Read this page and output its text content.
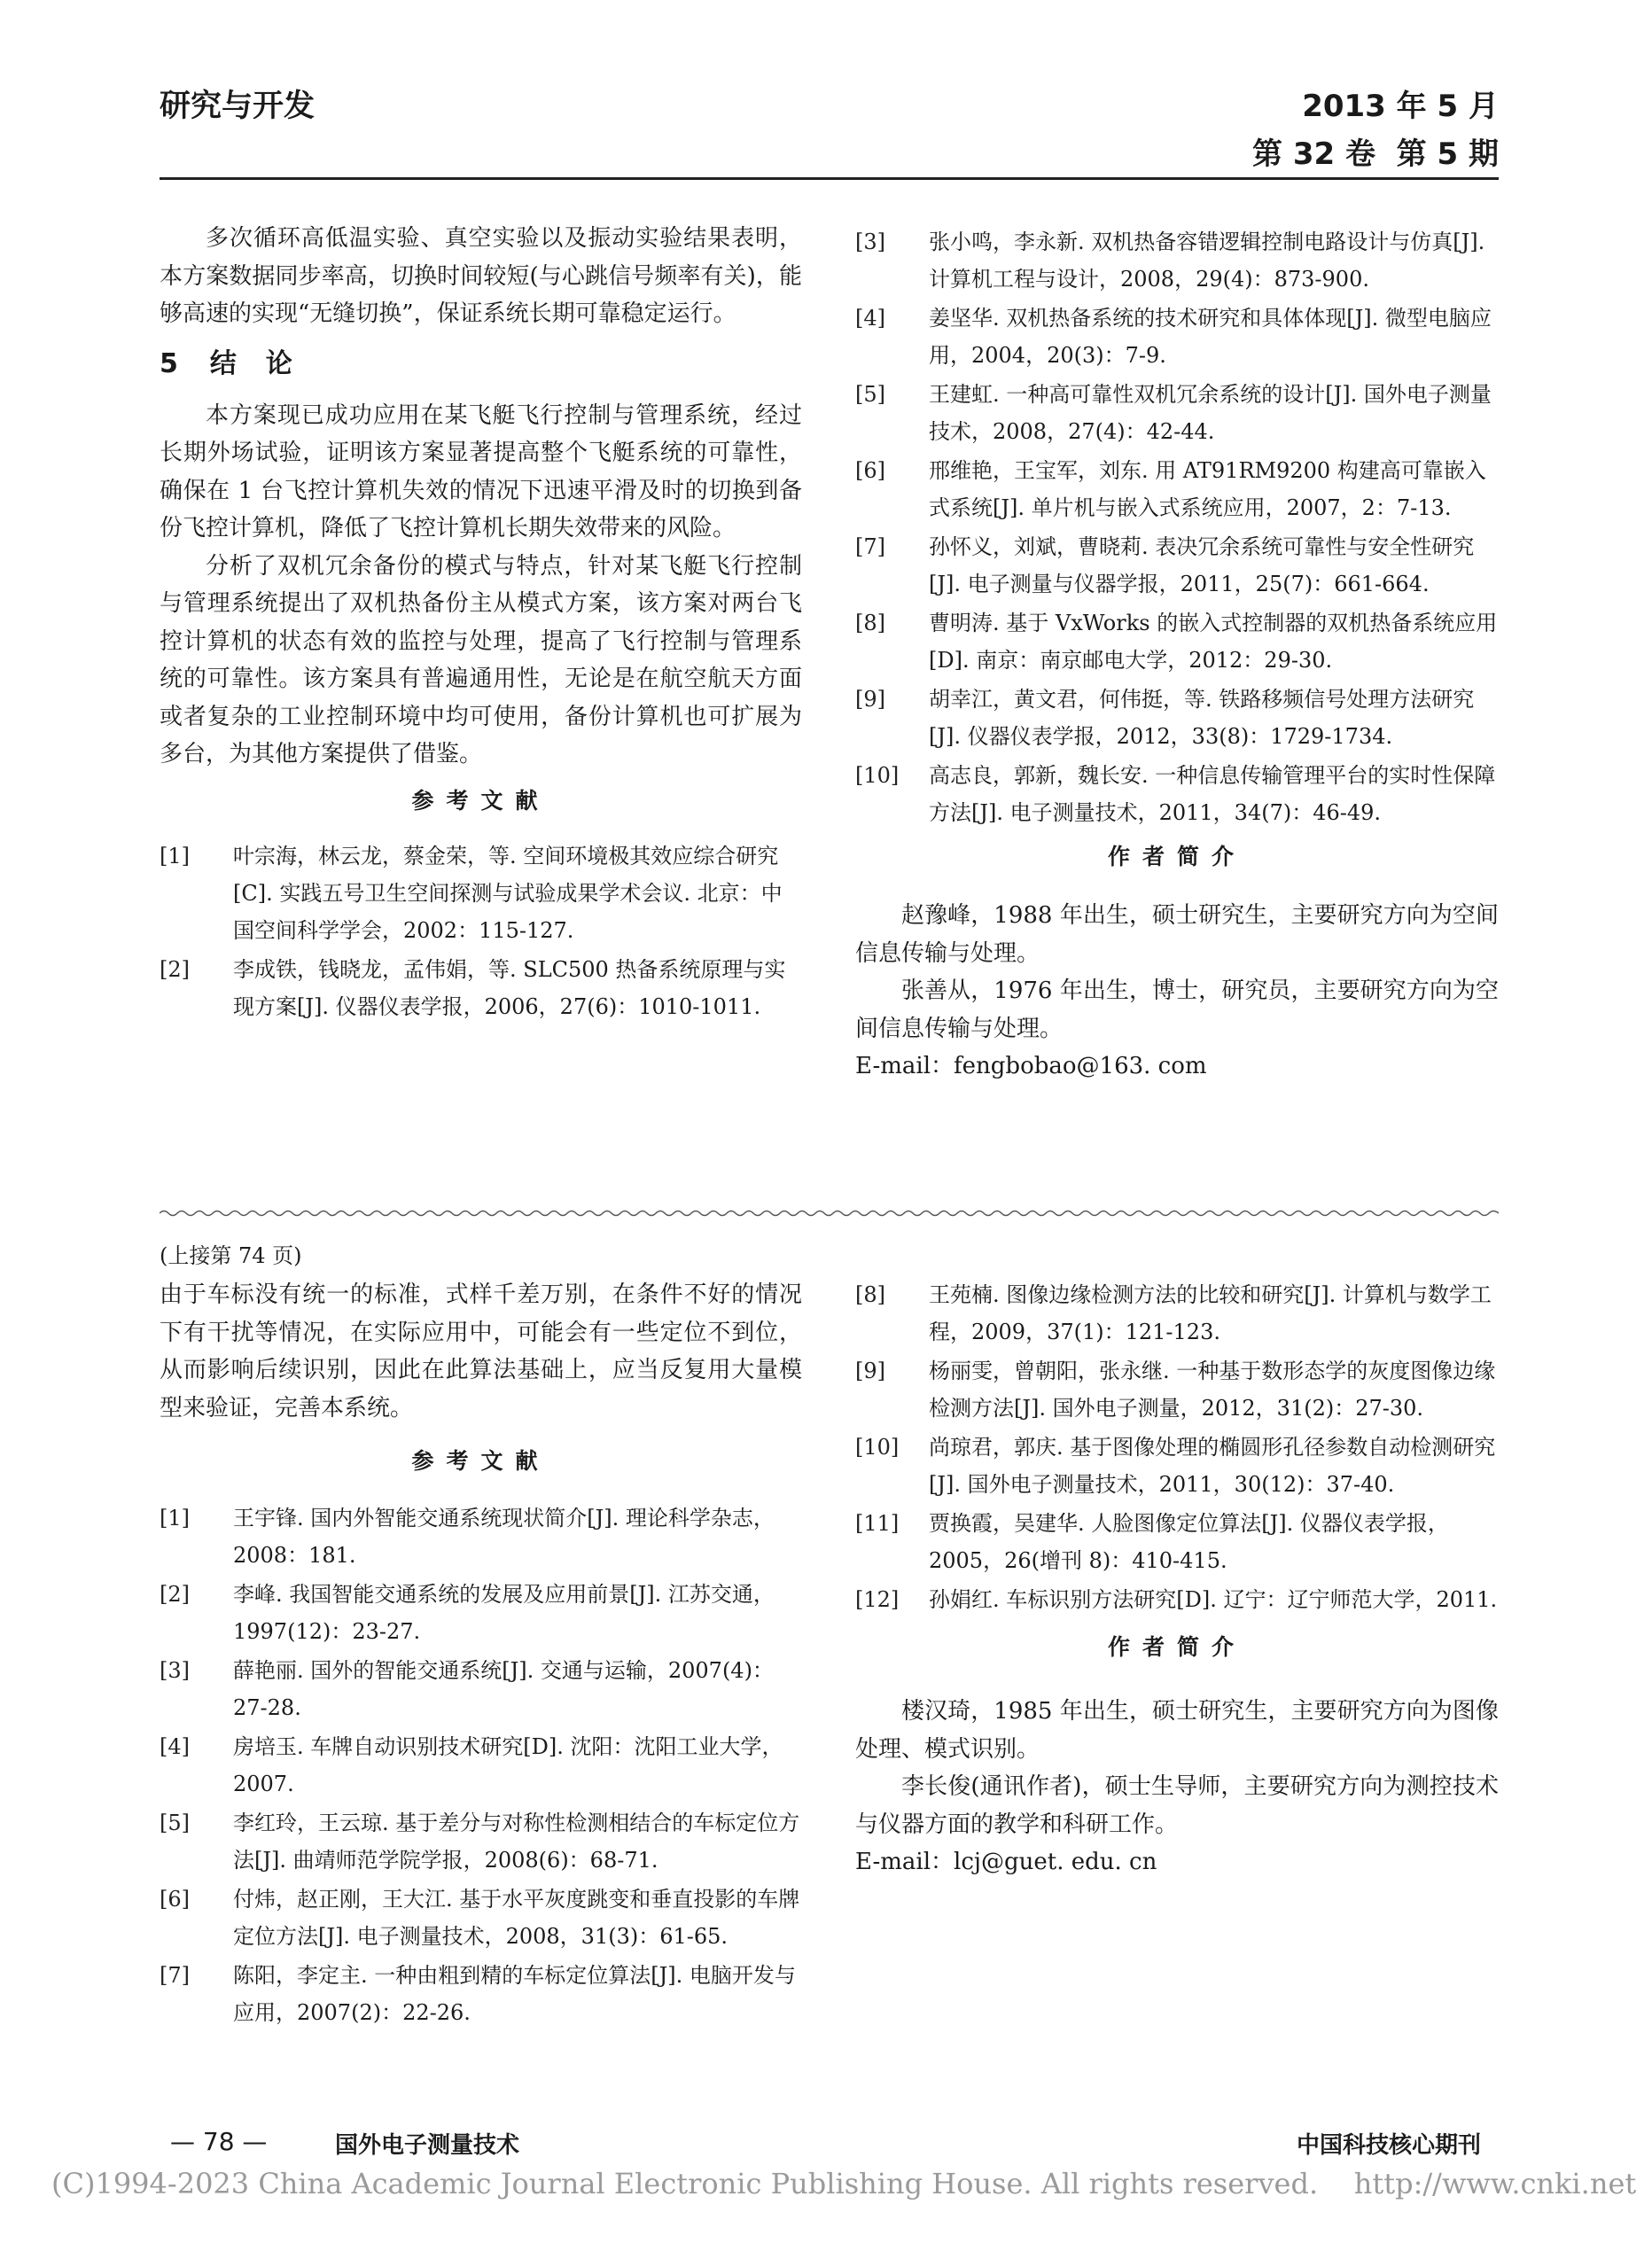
研究与开发	2013 年 5 月
第 32 卷  第 5 期

多次循环高低温实验、真空实验以及振动实验结果表明，本方案数据同步率高，切换时间较短(与心跳信号频率有关)，能够高速的实现“无缝切换”，保证系统长期可靠稳定运行。

5 结  论

本方案现已成功应用在某飞艇飞行控制与管理系统，经过长期外场试验，证明该方案显著提高整个飞艇系统的可靠性，确保在 1 台飞控计算机失效的情况下迅速平滑及时的切换到备份飞控计算机，降低了飞控计算机长期失效带来的风险。

分析了双机冗余备份的模式与特点，针对某飞艇飞行控制与管理系统提出了双机热备份主从模式方案，该方案对两台飞控计算机的状态有效的监控与处理，提高了飞行控制与管理系统的可靠性。该方案具有普遍通用性，无论是在航空航天方面或者复杂的工业控制环境中均可使用，备份计算机也可扩展为多台，为其他方案提供了借鉴。

参考文献
[1] 叶宗海，林云龙，蔡金荣，等. 空间环境极其效应综合研究[C]. 实践五号卫生空间探测与试验成果学术会议. 北京：中国空间科学学会，2002：115-127.
[2] 李成铁，钱晓龙，孟伟娟，等. SLC500 热备系统原理与实现方案[J]. 仪器仪表学报，2006，27(6)：1010-1011.
[3] 张小鸣，李永新. 双机热备容错逻辑控制电路设计与仿真[J]. 计算机工程与设计，2008，29(4)：873-900.
[4] 姜坚华. 双机热备系统的技术研究和具体体现[J]. 微型电脑应用，2004，20(3)：7-9.
[5] 王建虹. 一种高可靠性双机冗余系统的设计[J]. 国外电子测量技术，2008，27(4)：42-44.
[6] 邢维艳，王宝军，刘东. 用 AT91RM9200 构建高可靠嵌入式系统[J]. 单片机与嵌入式系统应用，2007，2：7-13.
[7] 孙怀义，刘斌，曹晓莉. 表决冗余系统可靠性与安全性研究[J]. 电子测量与仪器学报，2011，25(7)：661-664.
[8] 曹明涛. 基于 VxWorks 的嵌入式控制器的双机热备系统应用[D]. 南京：南京邮电大学，2012：29-30.
[9] 胡幸江，黄文君，何伟挺，等. 铁路移频信号处理方法研究[J]. 仪器仪表学报，2012，33(8)：1729-1734.
[10] 高志良，郭新，魏长安. 一种信息传输管理平台的实时性保障方法[J]. 电子测量技术，2011，34(7)：46-49.
作者简介

赵豫峰，1988 年出生，硕士研究生，主要研究方向为空间信息传输与处理。

张善从，1976 年出生，博士，研究员，主要研究方向为空间信息传输与处理。

E-mail：fengbobao@163. com

(上接第 74 页)

由于车标没有统一的标准，式样千差万别，在条件不好的情况下有干扰等情况，在实际应用中，可能会有一些定位不到位，从而影响后续识别，因此在此算法基础上，应当反复用大量模型来验证，完善本系统。

参考文献
[1] 王宇锋. 国内外智能交通系统现状简介[J]. 理论科学杂志，2008：181.
[2] 李峰. 我国智能交通系统的发展及应用前景[J]. 江苏交通，1997(12)：23-27.
[3] 薛艳丽. 国外的智能交通系统[J]. 交通与运输，2007(4)：27-28.
[4] 房培玉. 车牌自动识别技术研究[D]. 沈阳：沈阳工业大学，2007.
[5] 李红玲，王云琼. 基于差分与对称性检测相结合的车标定位方法[J]. 曲靖师范学院学报，2008(6)：68-71.
[6] 付炜，赵正刚，王大江. 基于水平灰度跳变和垂直投影的车牌定位方法[J]. 电子测量技术，2008，31(3)：61-65.
[7] 陈阳，李定主. 一种由粗到精的车标定位算法[J]. 电脑开发与应用，2007(2)：22-26.
[8] 王苑楠. 图像边缘检测方法的比较和研究[J]. 计算机与数学工程，2009，37(1)：121-123.
[9] 杨丽雯，曾朝阳，张永继. 一种基于数形态学的灰度图像边缘检测方法[J]. 国外电子测量，2012，31(2)：27-30.
[10] 尚琼君，郭庆. 基于图像处理的椭圆形孔径参数自动检测研究[J]. 国外电子测量技术，2011，30(12)：37-40.
[11] 贾换霞，吴建华. 人脸图像定位算法[J]. 仪器仪表学报，2005，26(增刊 8)：410-415.
[12] 孙娟红. 车标识别方法研究[D]. 辽宁：辽宁师范大学，2011.
作者简介

楼汉琦，1985 年出生，硕士研究生，主要研究方向为图像处理、模式识别。

李长俊(通讯作者)，硕士生导师，主要研究方向为测控技术与仪器方面的教学和科研工作。

E-mail：lcj@guet. edu. cn

— 78 —	国外电子测量技术	中国科技核心期刊
(C)1994-2023 China Academic Journal Electronic Publishing House. All rights reserved.    http://www.cnki.net
